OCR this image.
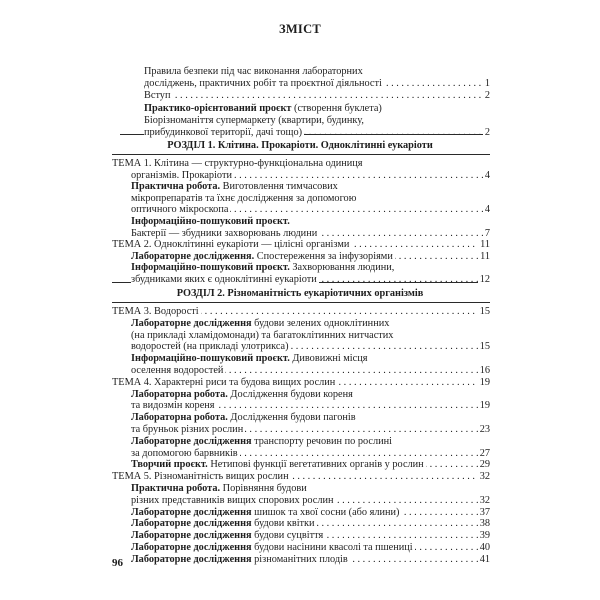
ЗМІСТ
Правила безпеки під час виконання лабораторних
досліджень, практичних робіт та проєктної діяльності	1
. . .
Вступ	2
. . .
Практико-орієнтований проєкт (створення буклета)
Біорізноманіття супермаркету (квартири, будинку,
прибудинкової території, дачі тощо)	2
. . .
РОЗДІЛ 1. Клітина. Прокаріоти. Одноклітинні еукаріоти
ТЕМА 1. Клітина — структурно-функціональна одиниця
організмів. Прокаріоти	4
. . .
Практична робота. Виготовлення тимчасових
мікропрепаратів та їхнє дослідження за допомогою
оптичного мікроскопа	4
. . .
Інформаційно-пошуковий проєкт.
Бактерії — збудники захворювань людини	7
. . .
ТЕМА 2. Одноклітинні еукаріоти — цілісні організми	11
. . .
Лабораторне дослідження. Спостереження за інфузоріями	11
. . .
Інформаційно-пошуковий проєкт. Захворювання людини,
збудниками яких є одноклітинні еукаріоти	12
. . .
РОЗДІЛ 2. Різноманітність еукаріотичних організмів
ТЕМА 3. Водорості	15
. . .
Лабораторне дослідження будови зелених одноклітинних
(на прикладі хламідомонади) та багатоклітинних нитчастих
водоростей (на прикладі улотрикса)	15
. . .
Інформаційно-пошуковий проєкт. Дивовижні місця
оселення водоростей	16
. . .
ТЕМА 4. Характерні риси та будова вищих рослин	19
. . .
Лабораторна робота. Дослідження будови кореня
та видозмін кореня	19
. . .
Лабораторна робота. Дослідження будови пагонів
та бруньок різних рослин	23
. . .
Лабораторне дослідження транспорту речовин по рослині
за допомогою барвників	27
. . .
Творчий проєкт. Нетипові функції вегетативних органів у рослин	29
. . .
ТЕМА 5. Різноманітність вищих рослин	32
. . .
Практична робота. Порівняння будови
різних представників вищих спорових рослин	32
. . .
Лабораторне дослідження шишок та хвої сосни (або ялини)	37
. . .
Лабораторне дослідження будови квітки	38
. . .
Лабораторне дослідження будови суцвіття	39
. . .
Лабораторне дослідження будови насінини квасолі та пшениці	40
. . .
Лабораторне дослідження різноманітних плодів	41
. . .
96
